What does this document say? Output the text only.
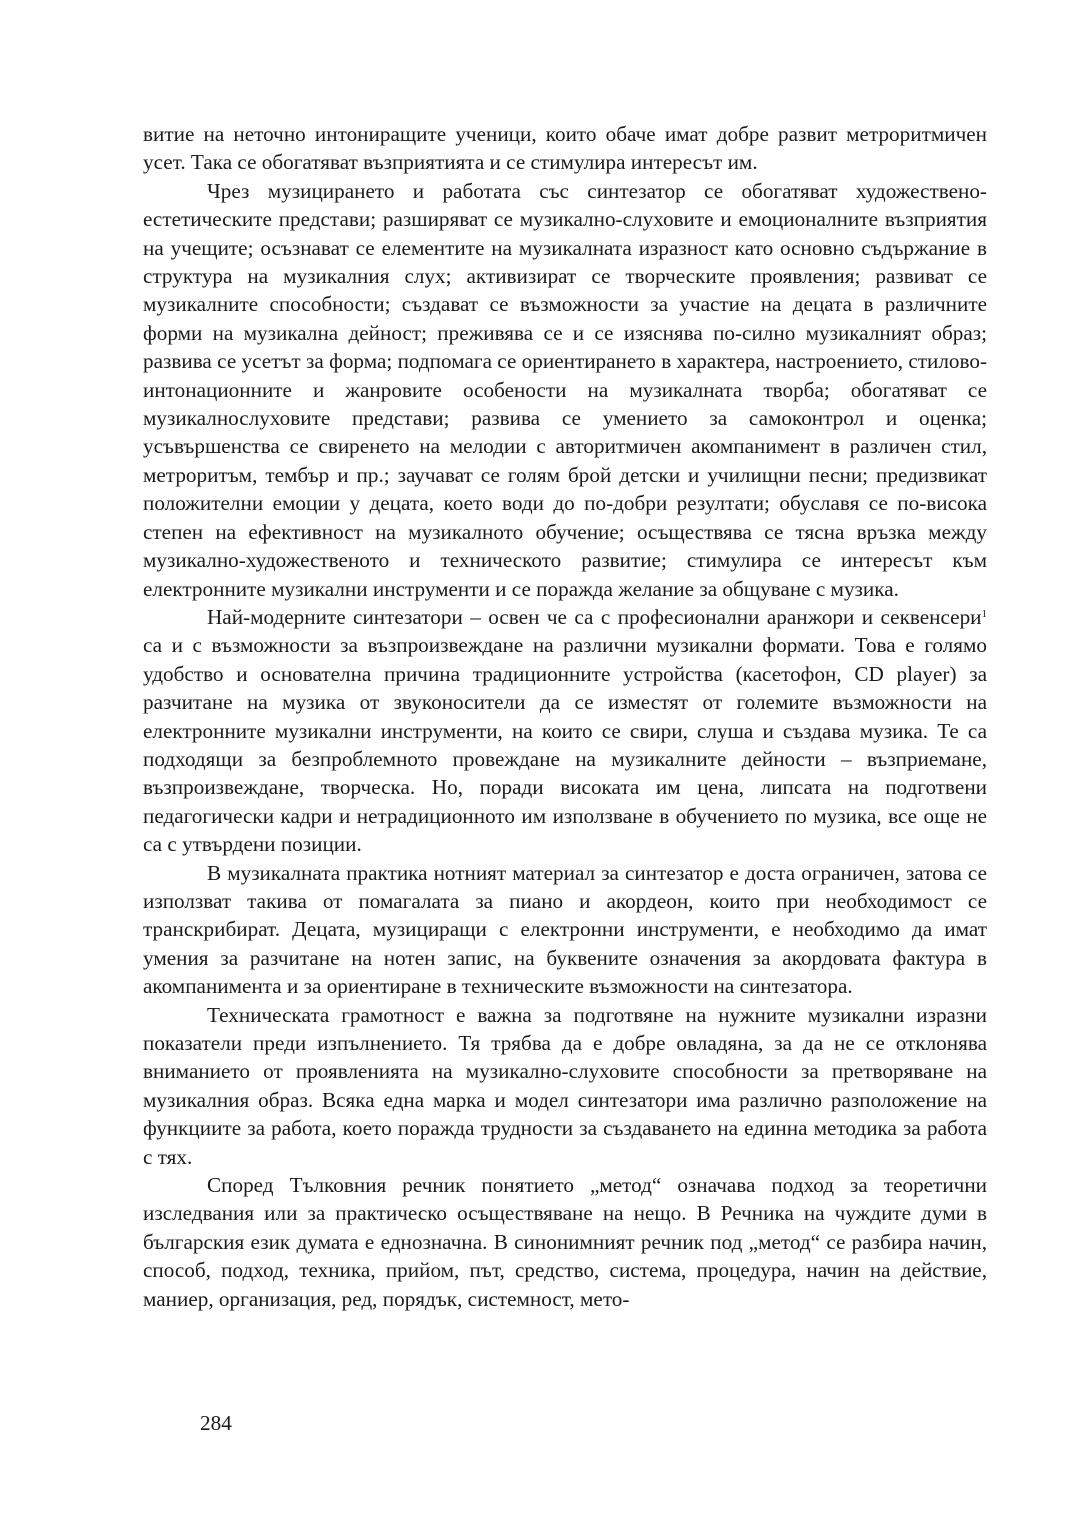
витие на неточно интониращите ученици, които обаче имат добре развит метроритмичен усет. Така се обогатяват възприятията и се стимулира интересът им.

Чрез музицирането и работата със синтезатор се обогатяват художествено-естетическите представи; разширяват се музикално-слуховите и емоционалните възприятия на учещите; осъзнават се елементите на музикалната изразност като основно съдържание в структура на музикалния слух; активизират се творческите проявления; развиват се музикалните способности; създават се възможности за участие на децата в различните форми на музикална дейност; преживява се и се изяснява по-силно музикалният образ; развива се усетът за форма; подпомага се ориентирането в характера, настроението, стилово-интонационните и жанровите особености на музикалната творба; обогатяват се музикалнослуховите представи; развива се умението за самоконтрол и оценка; усъвършенства се свиренето на мелодии с авторитмичен акомпанимент в различен стил, метроритъм, тембър и пр.; заучават се голям брой детски и училищни песни; предизвикат положителни емоции у децата, което води до по-добри резултати; обуславя се по-висока степен на ефективност на музикалното обучение; осъществява се тясна връзка между музикално-художественото и техническото развитие; стимулира се интересът към електронните музикални инструменти и се поражда желание за общуване с музика.

Най-модерните синтезатори – освен че са с професионални аранжори и секвенсери$^1$ са и с възможности за възпроизвеждане на различни музикални формати. Това е голямо удобство и основателна причина традиционните устройства (касетофон, CD player) за разчитане на музика от звуконосители да се изместят от големите възможности на електронните музикални инструменти, на които се свири, слуша и създава музика. Те са подходящи за безпроблемното провеждане на музикалните дейности – възприемане, възпроизвеждане, творческа. Но, поради високата им цена, липсата на подготвени педагогически кадри и нетрадиционното им използване в обучението по музика, все още не са с утвърдени позиции.

В музикалната практика нотният материал за синтезатор е доста ограничен, затова се използват такива от помагалата за пиано и акордеон, които при необходимост се транскрибират. Децата, музициращи с електронни инструменти, е необходимо да имат умения за разчитане на нотен запис, на буквените означения за акордовата фактура в акомпанимента и за ориентиране в техническите възможности на синтезатора.

Техническата грамотност е важна за подготвяне на нужните музикални изразни показатели преди изпълнението. Тя трябва да е добре овладяна, за да не се отклонява вниманието от проявленията на музикално-слуховите способности за претворяване на музикалния образ. Всяка една марка и модел синтезатори има различно разположение на функциите за работа, което поражда трудности за създаването на единна методика за работа с тях.

Според Тълковния речник понятието „метод“ означава подход за теоретични изследвания или за практическо осъществяване на нещо. В Речника на чуждите думи в българския език думата е еднозначна. В синонимният речник под „метод“ се разбира начин, способ, подход, техника, прийом, път, средство, система, процедура, начин на действие, маниер, организация, ред, порядък, системност, мето-

284
